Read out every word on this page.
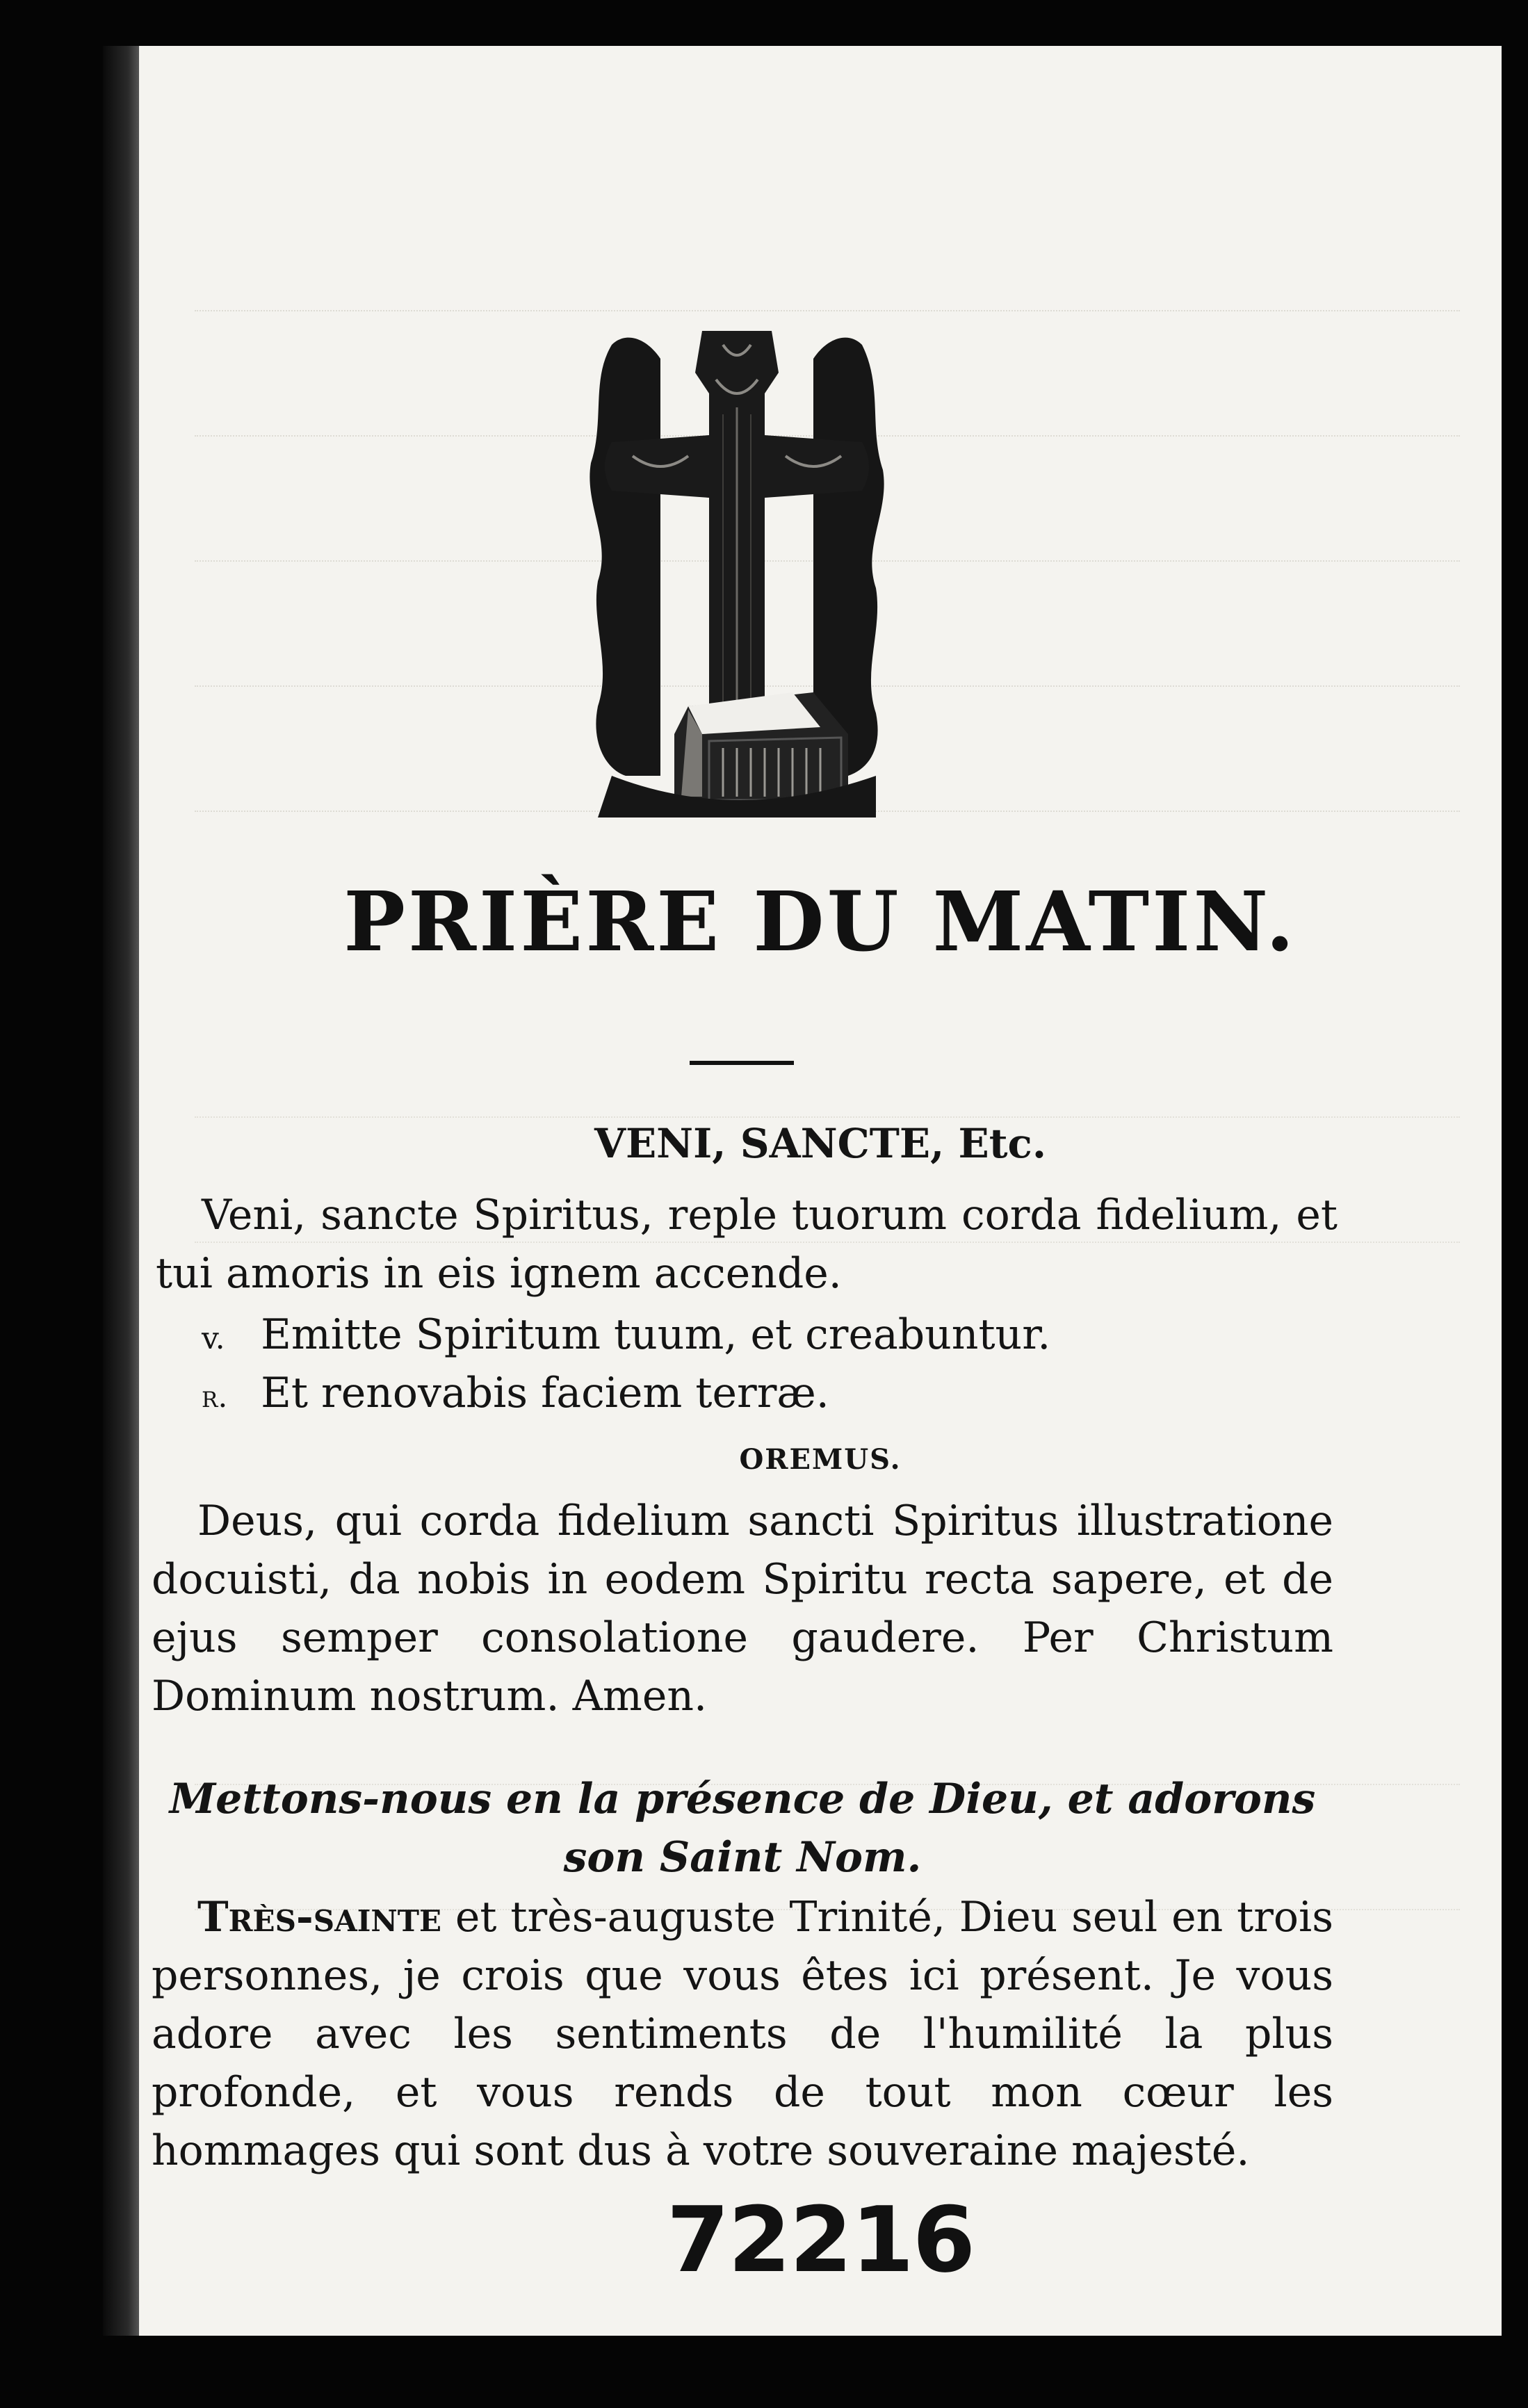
PRIÈRE DU MATIN.
VENI, SANCTE, Etc.
Veni, sancte Spiritus, reple tuorum corda fidelium, et tui amoris in eis ignem accende.
v. Emitte Spiritum tuum, et creabuntur.
r. Et renovabis faciem terræ.
OREMUS.
Deus, qui corda fidelium sancti Spiritus illustratione docuisti, da nobis in eodem Spiritu recta sapere, et de ejus semper consolatione gaudere. Per Christum Dominum nostrum. Amen.
Mettons-nous en la présence de Dieu, et adorons son Saint Nom.
Très-sainte et très-auguste Trinité, Dieu seul en trois personnes, je crois que vous êtes ici présent. Je vous adore avec les sentiments de l'humilité la plus profonde, et vous rends de tout mon cœur les hommages qui sont dus à votre souveraine majesté.
72216
